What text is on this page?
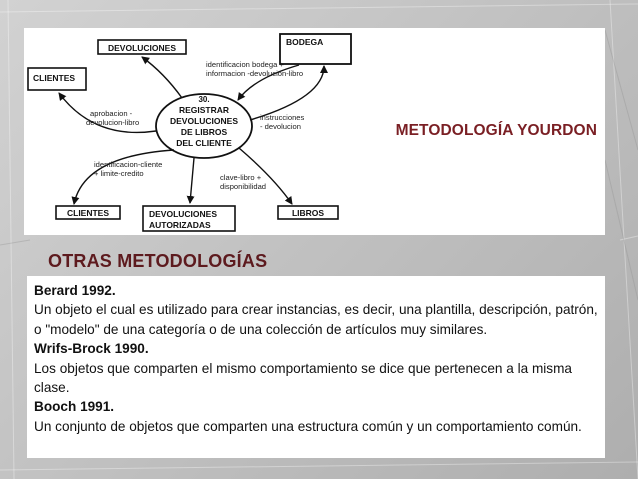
DEVOLUCIONES
BODEGA
CLIENTES
CLIENTES	DEVOLUCIONES
AUTORIZADAS
LIBROS
30.
REGISTRAR
DEVOLUCIONES
DE LIBROS
DEL CLIENTE
identificacion bodega +
informacion -devolucion-libro
aprobacion -
devolucion-libro
instrucciones
- devolucion
identificacion-cliente
+ limite-credito	clave-libro +
disponibilidad
METODOLOGÍA YOURDON
OTRAS METODOLOGÍAS
Berard 1992.
Un objeto el cual es utilizado para crear instancias, es decir, una plantilla, descripción, patrón, o "modelo" de una categoría o de una colección de artículos muy similares.
Wrifs-Brock 1990.
Los objetos que comparten el mismo comportamiento se dice que pertenecen a la misma clase.
Booch 1991.
Un conjunto de objetos que comparten una estructura común y un comportamiento común.
